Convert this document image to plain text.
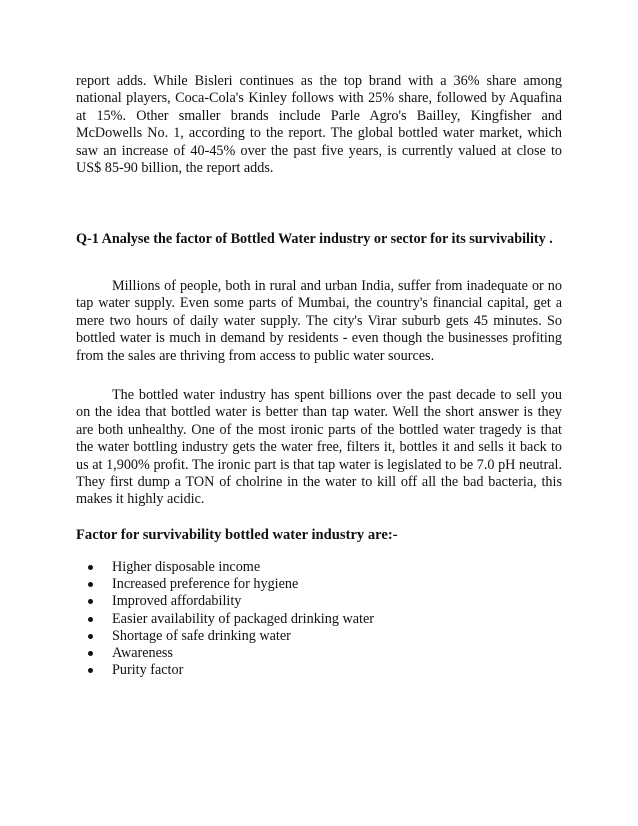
report adds. While Bisleri continues as the top brand with a 36% share among national players, Coca-Cola's Kinley follows with 25% share, followed by Aquafina at 15%. Other smaller brands include Parle Agro's Bailley, Kingfisher and McDowells No. 1, according to the report. The global bottled water market, which saw an increase of 40-45% over the past five years, is currently valued at close to US$ 85-90 billion, the report adds.

Q-1 Analyse the factor of Bottled Water industry or sector for its survivability .

Millions of people, both in rural and urban India, suffer from inadequate or no tap water supply. Even some parts of Mumbai, the country's financial capital, get a mere two hours of daily water supply. The city's Virar suburb gets 45 minutes. So bottled water is much in demand by residents - even though the businesses profiting from the sales are thriving from access to public water sources.

The bottled water industry has spent billions over the past decade to sell you on the idea that bottled water is better than tap water. Well the short answer is they are both unhealthy. One of the most ironic parts of the bottled water tragedy is that the water bottling industry gets the water free, filters it, bottles it and sells it back to us at 1,900% profit. The ironic part is that tap water is legislated to be 7.0 pH neutral. They first dump a TON of cholrine in the water to kill off all the bad bacteria, this makes it highly acidic.

Factor for survivability bottled water industry are:-

Higher disposable income
Increased preference for hygiene
Improved affordability
Easier availability of packaged drinking water
Shortage of safe drinking water
Awareness
Purity factor
